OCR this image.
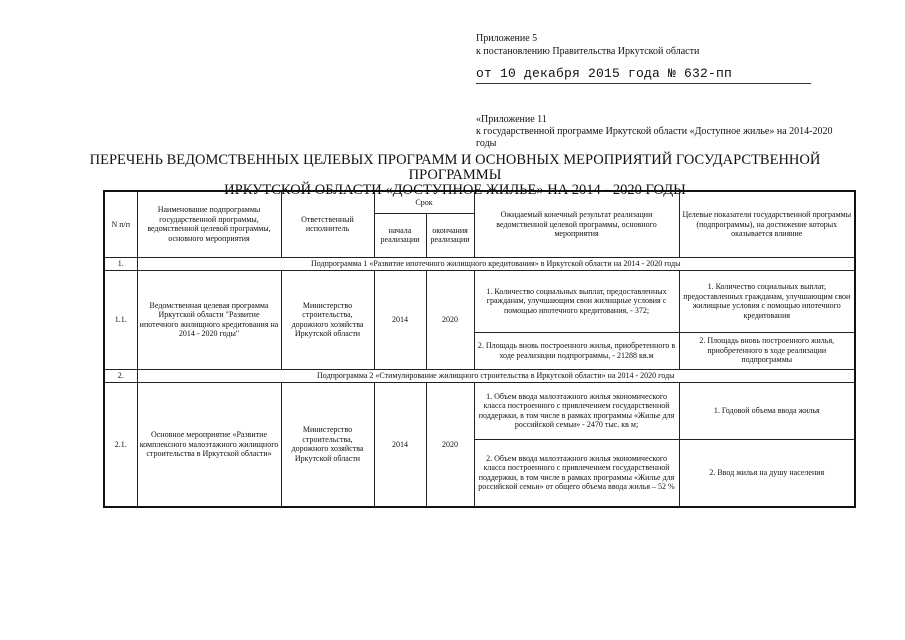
Приложение 5
к постановлению Правительства Иркутской области
от 10 декабря 2015 года № 632-пп
«Приложение 11
к государственной программе Иркутской области «Доступное жилье» на 2014-2020
годы
ПЕРЕЧЕНЬ ВЕДОМСТВЕННЫХ ЦЕЛЕВЫХ ПРОГРАММ И ОСНОВНЫХ МЕРОПРИЯТИЙ ГОСУДАРСТВЕННОЙ ПРОГРАММЫ
ИРКУТСКОЙ ОБЛАСТИ «ДОСТУПНОЕ ЖИЛЬЕ» НА 2014 - 2020 ГОДЫ
N п/п	Наименование подпрограммы государственной программы, ведомственной целевой программы, основного мероприятия	Ответственный исполнитель	Срок		Ожидаемый конечный результат реализации ведомственной целевой программы, основного мероприятия	Целевые показатели государственной программы (подпрограммы), на достижение которых оказывается влияние
			начала реализации	окончания реализации		
1.	Подпрограмма 1 «Развитие ипотечного жилищного кредитования» в Иркутской области на 2014 - 2020 годы					
1.1.	Ведомственная целевая программа Иркутской области "Развитие ипотечного жилищного кредитования на 2014 - 2020 годы"	Министерство строительства, дорожного хозяйства Иркутской области	2014	2020	1. Количество социальных выплат, предоставленных гражданам, улучшающим свои жилищные условия с помощью ипотечного кредитования, - 372;	1. Количество социальных выплат, предоставленных гражданам, улучшающим свои жилищные условия с помощью ипотечного кредитования
					2. Площадь вновь построенного жилья, приобретенного в ходе реализации подпрограммы, - 21288 кв.м	2. Площадь вновь построенного жилья, приобретенного в ходе реализации подпрограммы
2.	Подпрограмма 2 «Стимулирование жилищного строительства в Иркутской области» на 2014 - 2020 годы					
2.1.	Основное мероприятие «Развитие комплексного малоэтажного жилищного строительства в Иркутской области»	Министерство строительства, дорожного хозяйства Иркутской области	2014	2020	1. Объем ввода малоэтажного жилья экономического класса построенного с привлечением государственной поддержки, в том числе в рамках программы «Жилье для российской семьи» - 2470 тыс. кв м;	1. Годовой объема ввода жилья
					2. Объем ввода малоэтажного жилья экономического класса построенного с привлечением государственной поддержки, в том числе в рамках программы «Жилье для российской семьи» от общего объема ввода жилья – 52 %	2. Ввод жилья на душу населения
